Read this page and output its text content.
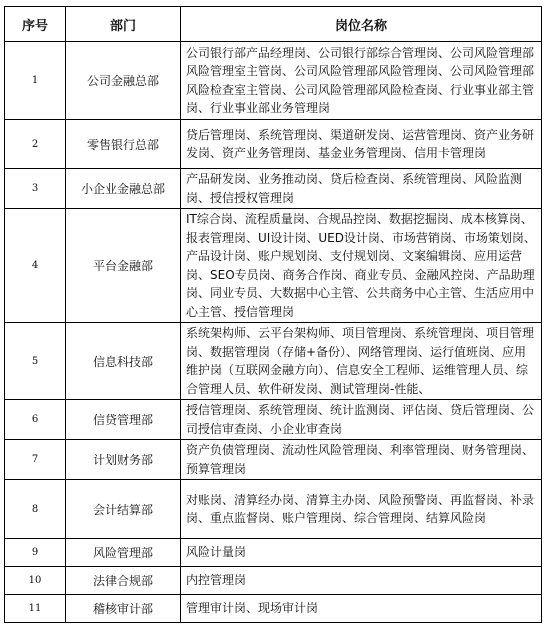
序号	部门	岗位名称
1	公司金融总部	公司银行部产品经理岗、公司银行部综合管理岗、公司风险管理部风险管理室主管岗、公司风险管理部风险管理岗、公司风险管理部风险检查室主管岗、公司风险管理部风险检查岗、行业事业部主管岗、行业事业部业务管理岗
2	零售银行总部	贷后管理岗、系统管理岗、渠道研发岗、运营管理岗、资产业务研发岗、资产业务管理岗、基金业务管理岗、信用卡管理岗
3	小企业金融总部	产品研发岗、业务推动岗、贷后检查岗、系统管理岗、风险监测岗、授信授权管理岗
4	平台金融部	IT综合岗、流程质量岗、合规品控岗、数据挖掘岗、成本核算岗、报表管理岗、UI设计岗、UED设计岗、市场营销岗、市场策划岗、产品设计岗、账户规划岗、支付规划岗、文案编辑岗、应用运营岗、SEO专员岗、商务合作岗、商业专员、金融风控岗、产品助理岗、同业专员、大数据中心主管、公共商务中心主管、生活应用中心主管、授信管理岗
5	信息科技部	系统架构师、云平台架构师、项目管理岗、系统管理岗、项目管理岗、数据管理岗（存储+备份）、网络管理岗、运行值班岗、应用维护岗（互联网金融方向）、信息安全工程师、运维管理人员、综合管理人员、软件研发岗、测试管理岗-性能、
6	信贷管理部	授信管理岗、系统管理岗、统计监测岗、评估岗、贷后管理岗、公司授信审查岗、小企业审查岗
7	计划财务部	资产负债管理岗、流动性风险管理岗、利率管理岗、财务管理岗、预算管理岗
8	会计结算部	对账岗、清算经办岗、清算主办岗、风险预警岗、再监督岗、补录岗、重点监督岗、账户管理岗、综合管理岗、结算风险岗
9	风险管理部	风险计量岗
10	法律合规部	内控管理岗
11	稽核审计部	管理审计岗、现场审计岗
